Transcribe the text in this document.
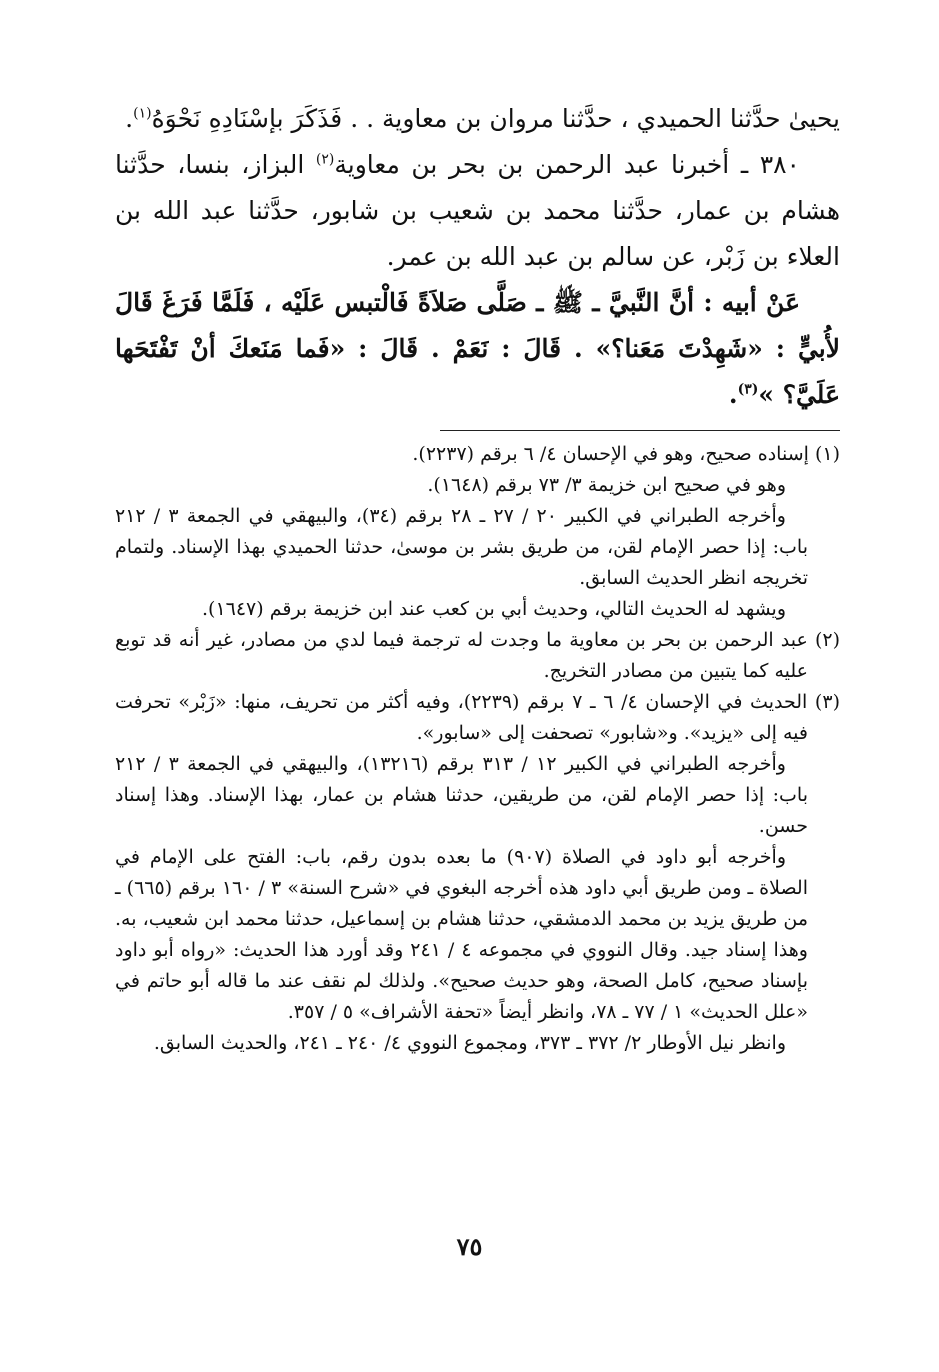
يحيىٰ حدَّثنا الحميدي ، حدَّثنا مروان بن معاوية . . فَذَكَرَ بإسْنَادِهِ نَحْوَهُ$^{(١)}$.

٣٨٠ ـ أخبرنا عبد الرحمن بن بحر بن معاوية$^{(٢)}$ البزاز، بنسا، حدَّثنا هشام بن عمار، حدَّثنا محمد بن شعيب بن شابور، حدَّثنا عبد الله بن العلاء بن زَبْر، عن سالم بن عبد الله بن عمر.

عَنْ أبيه : أنَّ النَّبيَّ ـ ﷺ ـ صَلَّى صَلاَةً فَالْتبس عَلَيْه ، فَلَمَّا فَرَغَ قَالَ لأُبيٍّ : «شَهِدْتَ مَعَنا؟» . قَالَ : نَعَمْ . قَالَ : «فَما مَنَعكَ أنْ تَفْتَحَها عَلَيَّ؟ »$^{(٣)}$.

(١) إسناده صحيح، وهو في الإحسان ٤/ ٦ برقم (٢٢٣٧).

وهو في صحيح ابن خزيمة ٣/ ٧٣ برقم (١٦٤٨).

وأخرجه الطبراني في الكبير ٢٠ / ٢٧ ـ ٢٨ برقم (٣٤)، والبيهقي في الجمعة ٣ / ٢١٢ باب: إذا حصر الإمام لقن، من طريق بشر بن موسىٰ، حدثنا الحميدي بهذا الإسناد. ولتمام تخريجه انظر الحديث السابق.

ويشهد له الحديث التالي، وحديث أبي بن كعب عند ابن خزيمة برقم (١٦٤٧).

(٢) عبد الرحمن بن بحر بن معاوية ما وجدت له ترجمة فيما لدي من مصادر، غير أنه قد توبع عليه كما يتبين من مصادر التخريج.

(٣) الحديث في الإحسان ٤/ ٦ ـ ٧ برقم (٢٢٣٩)، وفيه أكثر من تحريف، منها: «زَبْر» تحرفت فيه إلى «يزيد». و«شابور» تصحفت إلى «سابور».

وأخرجه الطبراني في الكبير ١٢ / ٣١٣ برقم (١٣٢١٦)، والبيهقي في الجمعة ٣ / ٢١٢ باب: إذا حصر الإمام لقن، من طريقين، حدثنا هشام بن عمار، بهذا الإسناد. وهذا إسناد حسن.

وأخرجه أبو داود في الصلاة (٩٠٧) ما بعده بدون رقم، باب: الفتح على الإمام في الصلاة ـ ومن طريق أبي داود هذه أخرجه البغوي في «شرح السنة» ٣ / ١٦٠ برقم (٦٦٥) ـ من طريق يزيد بن محمد الدمشقي، حدثنا هشام بن إسماعيل، حدثنا محمد ابن شعيب، به. وهذا إسناد جيد. وقال النووي في مجموعه ٤ / ٢٤١ وقد أورد هذا الحديث: «رواه أبو داود بإسناد صحيح، كامل الصحة، وهو حديث صحيح». ولذلك لم نقف عند ما قاله أبو حاتم في «علل الحديث» ١ / ٧٧ ـ ٧٨، وانظر أيضاً «تحفة الأشراف» ٥ / ٣٥٧.

وانظر نيل الأوطار ٢/ ٣٧٢ ـ ٣٧٣، ومجموع النووي ٤/ ٢٤٠ ـ ٢٤١، والحديث السابق.

٧٥
